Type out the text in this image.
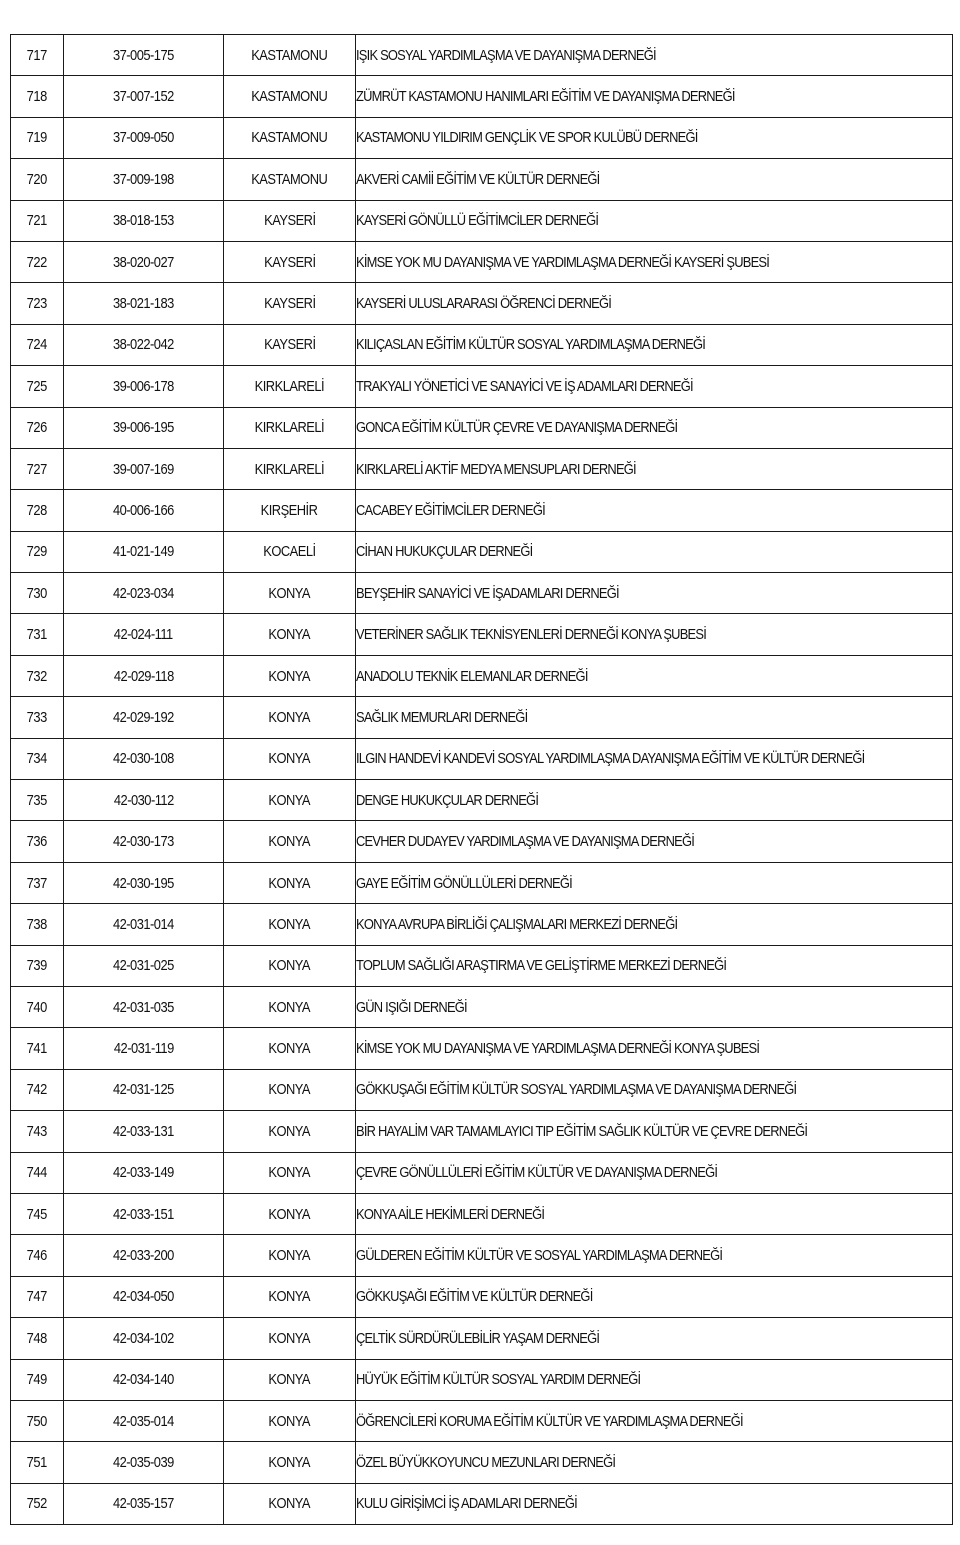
717	37-005-175	KASTAMONU	IŞIK SOSYAL YARDIMLAŞMA VE DAYANIŞMA DERNEĞİ
718	37-007-152	KASTAMONU	ZÜMRÜT KASTAMONU HANIMLARI EĞİTİM VE DAYANIŞMA DERNEĞİ
719	37-009-050	KASTAMONU	KASTAMONU YILDIRIM GENÇLİK VE SPOR KULÜBÜ DERNEĞİ
720	37-009-198	KASTAMONU	AKVERİ CAMİİ EĞİTİM VE KÜLTÜR DERNEĞİ
721	38-018-153	KAYSERİ	KAYSERİ GÖNÜLLÜ EĞİTİMCİLER DERNEĞİ
722	38-020-027	KAYSERİ	KİMSE YOK MU DAYANIŞMA VE YARDIMLAŞMA DERNEĞİ KAYSERİ ŞUBESİ
723	38-021-183	KAYSERİ	KAYSERİ ULUSLARARASI ÖĞRENCİ DERNEĞİ
724	38-022-042	KAYSERİ	KILIÇASLAN EĞİTİM KÜLTÜR SOSYAL YARDIMLAŞMA DERNEĞİ
725	39-006-178	KIRKLARELİ	TRAKYALI YÖNETİCİ VE SANAYİCİ VE İŞ ADAMLARI DERNEĞİ
726	39-006-195	KIRKLARELİ	GONCA EĞİTİM KÜLTÜR ÇEVRE VE DAYANIŞMA DERNEĞİ
727	39-007-169	KIRKLARELİ	KIRKLARELİ AKTİF MEDYA MENSUPLARI DERNEĞİ
728	40-006-166	KIRŞEHİR	CACABEY EĞİTİMCİLER DERNEĞİ
729	41-021-149	KOCAELİ	CİHAN HUKUKÇULAR DERNEĞİ
730	42-023-034	KONYA	BEYŞEHİR SANAYİCİ VE İŞADAMLARI DERNEĞİ
731	42-024-111	KONYA	VETERİNER SAĞLIK TEKNİSYENLERİ DERNEĞİ KONYA ŞUBESİ
732	42-029-118	KONYA	ANADOLU TEKNİK ELEMANLAR DERNEĞİ
733	42-029-192	KONYA	SAĞLIK MEMURLARI DERNEĞİ
734	42-030-108	KONYA	ILGIN HANDEVİ KANDEVİ SOSYAL YARDIMLAŞMA DAYANIŞMA EĞİTİM VE KÜLTÜR DERNEĞİ
735	42-030-112	KONYA	DENGE HUKUKÇULAR DERNEĞİ
736	42-030-173	KONYA	CEVHER DUDAYEV YARDIMLAŞMA VE DAYANIŞMA DERNEĞİ
737	42-030-195	KONYA	GAYE EĞİTİM GÖNÜLLÜLERİ DERNEĞİ
738	42-031-014	KONYA	KONYA AVRUPA BİRLİĞİ ÇALIŞMALARI MERKEZİ DERNEĞİ
739	42-031-025	KONYA	TOPLUM SAĞLIĞI ARAŞTIRMA VE GELİŞTİRME MERKEZİ DERNEĞİ
740	42-031-035	KONYA	GÜN IŞIĞI DERNEĞİ
741	42-031-119	KONYA	KİMSE YOK MU DAYANIŞMA VE YARDIMLAŞMA DERNEĞİ KONYA ŞUBESİ
742	42-031-125	KONYA	GÖKKUŞAĞI EĞİTİM KÜLTÜR SOSYAL YARDIMLAŞMA VE DAYANIŞMA DERNEĞİ
743	42-033-131	KONYA	BİR HAYALİM VAR TAMAMLAYICI TIP EĞİTİM SAĞLIK KÜLTÜR VE ÇEVRE DERNEĞİ
744	42-033-149	KONYA	ÇEVRE GÖNÜLLÜLERİ EĞİTİM KÜLTÜR VE DAYANIŞMA DERNEĞİ
745	42-033-151	KONYA	KONYA AİLE HEKİMLERİ DERNEĞİ
746	42-033-200	KONYA	GÜLDEREN EĞİTİM KÜLTÜR VE SOSYAL YARDIMLAŞMA DERNEĞİ
747	42-034-050	KONYA	GÖKKUŞAĞI EĞİTİM VE KÜLTÜR DERNEĞİ
748	42-034-102	KONYA	ÇELTİK SÜRDÜRÜLEBİLİR YAŞAM DERNEĞİ
749	42-034-140	KONYA	HÜYÜK EĞİTİM KÜLTÜR SOSYAL YARDIM DERNEĞİ
750	42-035-014	KONYA	ÖĞRENCİLERİ KORUMA EĞİTİM KÜLTÜR VE YARDIMLAŞMA DERNEĞİ
751	42-035-039	KONYA	ÖZEL BÜYÜKKOYUNCU MEZUNLARI DERNEĞİ
752	42-035-157	KONYA	KULU GİRİŞİMCİ İŞ ADAMLARI DERNEĞİ
